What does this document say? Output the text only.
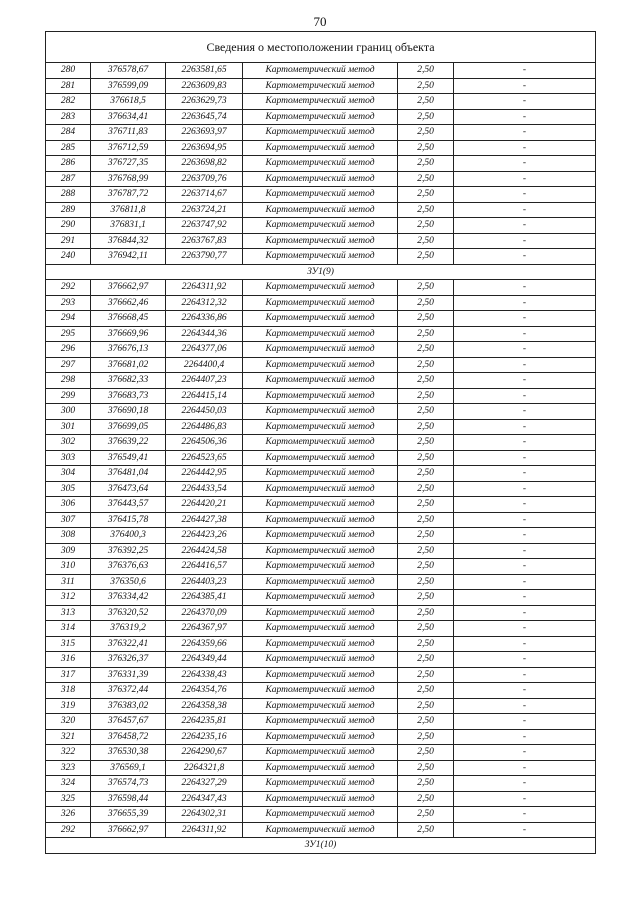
70
Сведения о местоположении границ объекта					
280	376578,67	2263581,65	Картометрический метод	2,50	-
281	376599,09	2263609,83	Картометрический метод	2,50	-
282	376618,5	2263629,73	Картометрический метод	2,50	-
283	376634,41	2263645,74	Картометрический метод	2,50	-
284	376711,83	2263693,97	Картометрический метод	2,50	-
285	376712,59	2263694,95	Картометрический метод	2,50	-
286	376727,35	2263698,82	Картометрический метод	2,50	-
287	376768,99	2263709,76	Картометрический метод	2,50	-
288	376787,72	2263714,67	Картометрический метод	2,50	-
289	376811,8	2263724,21	Картометрический метод	2,50	-
290	376831,1	2263747,92	Картометрический метод	2,50	-
291	376844,32	2263767,83	Картометрический метод	2,50	-
240	376942,11	2263790,77	Картометрический метод	2,50	-
ЗУ1(9)					
292	376662,97	2264311,92	Картометрический метод	2,50	-
293	376662,46	2264312,32	Картометрический метод	2,50	-
294	376668,45	2264336,86	Картометрический метод	2,50	-
295	376669,96	2264344,36	Картометрический метод	2,50	-
296	376676,13	2264377,06	Картометрический метод	2,50	-
297	376681,02	2264400,4	Картометрический метод	2,50	-
298	376682,33	2264407,23	Картометрический метод	2,50	-
299	376683,73	2264415,14	Картометрический метод	2,50	-
300	376690,18	2264450,03	Картометрический метод	2,50	-
301	376699,05	2264486,83	Картометрический метод	2,50	-
302	376639,22	2264506,36	Картометрический метод	2,50	-
303	376549,41	2264523,65	Картометрический метод	2,50	-
304	376481,04	2264442,95	Картометрический метод	2,50	-
305	376473,64	2264433,54	Картометрический метод	2,50	-
306	376443,57	2264420,21	Картометрический метод	2,50	-
307	376415,78	2264427,38	Картометрический метод	2,50	-
308	376400,3	2264423,26	Картометрический метод	2,50	-
309	376392,25	2264424,58	Картометрический метод	2,50	-
310	376376,63	2264416,57	Картометрический метод	2,50	-
311	376350,6	2264403,23	Картометрический метод	2,50	-
312	376334,42	2264385,41	Картометрический метод	2,50	-
313	376320,52	2264370,09	Картометрический метод	2,50	-
314	376319,2	2264367,97	Картометрический метод	2,50	-
315	376322,41	2264359,66	Картометрический метод	2,50	-
316	376326,37	2264349,44	Картометрический метод	2,50	-
317	376331,39	2264338,43	Картометрический метод	2,50	-
318	376372,44	2264354,76	Картометрический метод	2,50	-
319	376383,02	2264358,38	Картометрический метод	2,50	-
320	376457,67	2264235,81	Картометрический метод	2,50	-
321	376458,72	2264235,16	Картометрический метод	2,50	-
322	376530,38	2264290,67	Картометрический метод	2,50	-
323	376569,1	2264321,8	Картометрический метод	2,50	-
324	376574,73	2264327,29	Картометрический метод	2,50	-
325	376598,44	2264347,43	Картометрический метод	2,50	-
326	376655,39	2264302,31	Картометрический метод	2,50	-
292	376662,97	2264311,92	Картометрический метод	2,50	-
ЗУ1(10)					
